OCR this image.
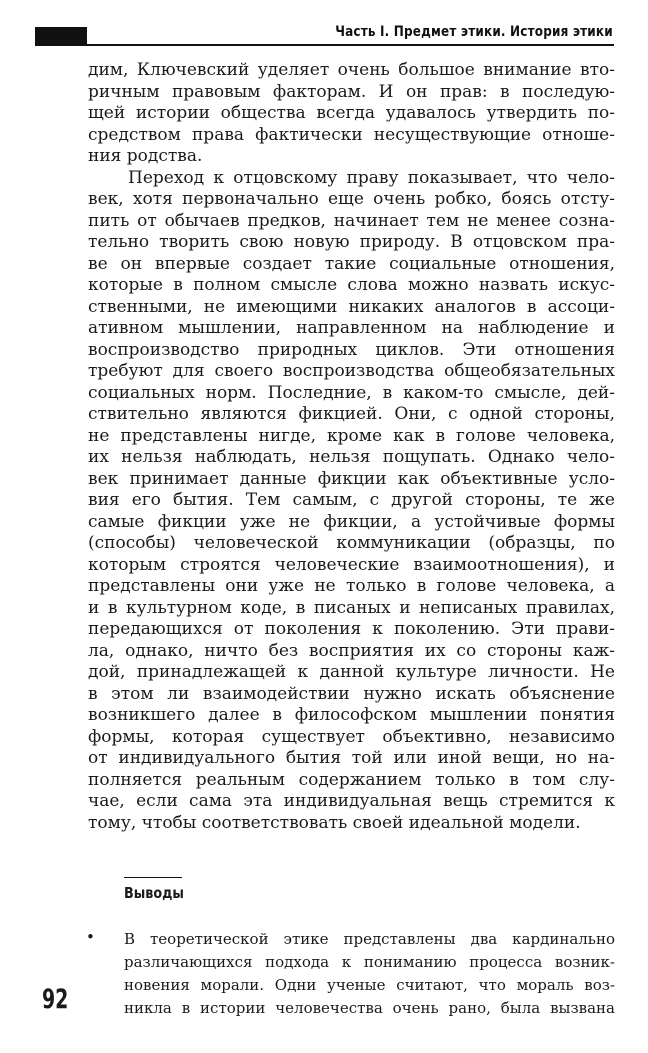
Часть I. Предмет этики. История этики
дим, Ключевский уделяет очень большое внимание вто-
ричным правовым факторам. И он прав: в последую-
щей истории общества всегда удавалось утвердить по-
средством права фактически несуществующие отноше-
ния родства.
Переход к отцовскому праву показывает, что чело-
век, хотя первоначально еще очень робко, боясь отсту-
пить от обычаев предков, начинает тем не менее созна-
тельно творить свою новую природу. В отцовском пра-
ве он впервые создает такие социальные отношения,
которые в полном смысле слова можно назвать искус-
ственными, не имеющими никаких аналогов в ассоци-
ативном мышлении, направленном на наблюдение и
воспроизводство природных циклов. Эти отношения
требуют для своего воспроизводства общеобязательных
социальных норм. Последние, в каком-то смысле, дей-
ствительно являются фикцией. Они, с одной стороны,
не представлены нигде, кроме как в голове человека,
их нельзя наблюдать, нельзя пощупать. Однако чело-
век принимает данные фикции как объективные усло-
вия его бытия. Тем самым, с другой стороны, те же
самые фикции уже не фикции, а устойчивые формы
(способы) человеческой коммуникации (образцы, по
которым строятся человеческие взаимоотношения), и
представлены они уже не только в голове человека, а
и в культурном коде, в писаных и неписаных правилах,
передающихся от поколения к поколению. Эти прави-
ла, однако, ничто без восприятия их со стороны каж-
дой, принадлежащей к данной культуре личности. Не
в этом ли взаимодействии нужно искать объяснение
возникшего далее в философском мышлении понятия
формы, которая существует объективно, независимо
от индивидуального бытия той или иной вещи, но на-
полняется реальным содержанием только в том слу-
чае, если сама эта индивидуальная вещь стремится к
тому, чтобы соответствовать своей идеальной модели.
Выводы
• В теоретической этике представлены два кардинально
различающихся подхода к пониманию процесса возник-
новения морали. Одни ученые считают, что мораль воз-
никла в истории человечества очень рано, была вызвана
92
